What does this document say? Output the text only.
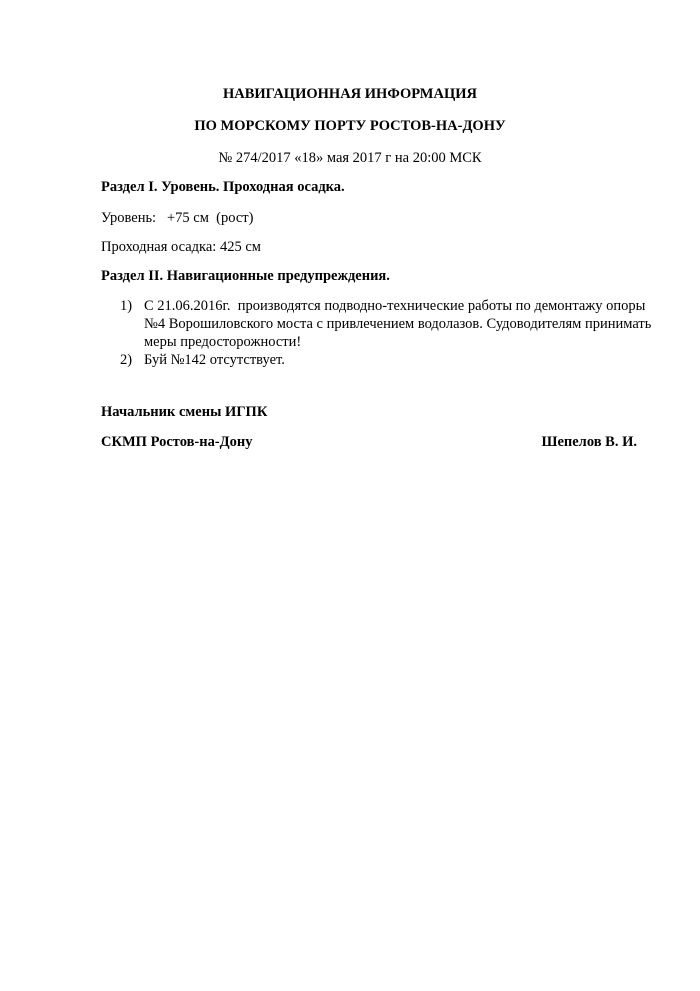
НАВИГАЦИОННАЯ ИНФОРМАЦИЯ
ПО МОРСКОМУ ПОРТУ РОСТОВ-НА-ДОНУ
№ 274/2017 «18» мая 2017 г на 20:00 МСК
Раздел I. Уровень. Проходная осадка.
Уровень:   +75 см  (рост)
Проходная осадка: 425 см
Раздел II. Навигационные предупреждения.
1) С 21.06.2016г.  производятся подводно-технические работы по демонтажу опоры
№4 Ворошиловского моста с привлечением водолазов. Судоводителям принимать
меры предосторожности!
2) Буй №142 отсутствует.
Начальник смены ИГПК
СКМП Ростов-на-Дону	Шепелов В. И.
